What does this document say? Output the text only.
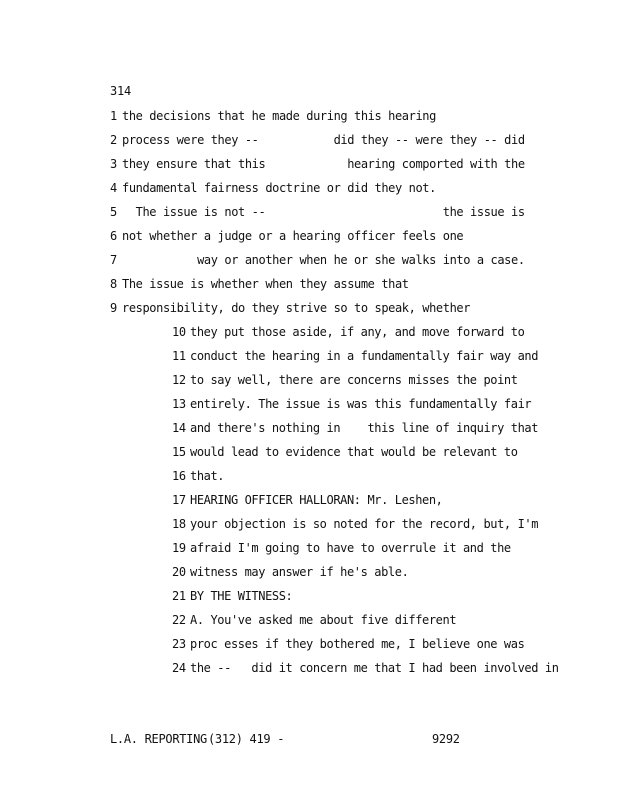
314
1 the decisions that he made during this hearing
2 process were they --           did they -- were they -- did
3 they ensure that this            hearing comported with the
4 fundamental fairness doctrine or did they not.
5 The issue is not --                          the issue is
6 not whether a judge or a hearing officer feels one
7 way or another when he or she walks into a case.
8 The issue is whether when they assume that
9 responsibility, do they strive so to speak, whether
10 they put those aside, if any, and move forward to
11 conduct the hearing in a fundamentally fair way and
12 to say well, there are concerns misses the point
13 entirely. The issue is was this fundamentally fair
14 and there's nothing in    this line of inquiry that
15 would lead to evidence that would be relevant to
16 that.
17 HEARING OFFICER HALLORAN: Mr. Leshen,
18 your objection is so noted for the record, but, I'm
19 afraid I'm going to have to overrule it and the
20 witness may answer if he's able.
21 BY THE WITNESS:
22 A. You've asked me about five different
23 proc esses if they bothered me, I believe one was
24 the --   did it concern me that I had been involved in

L.A. REPORTING

(312) 419 -

	9292
